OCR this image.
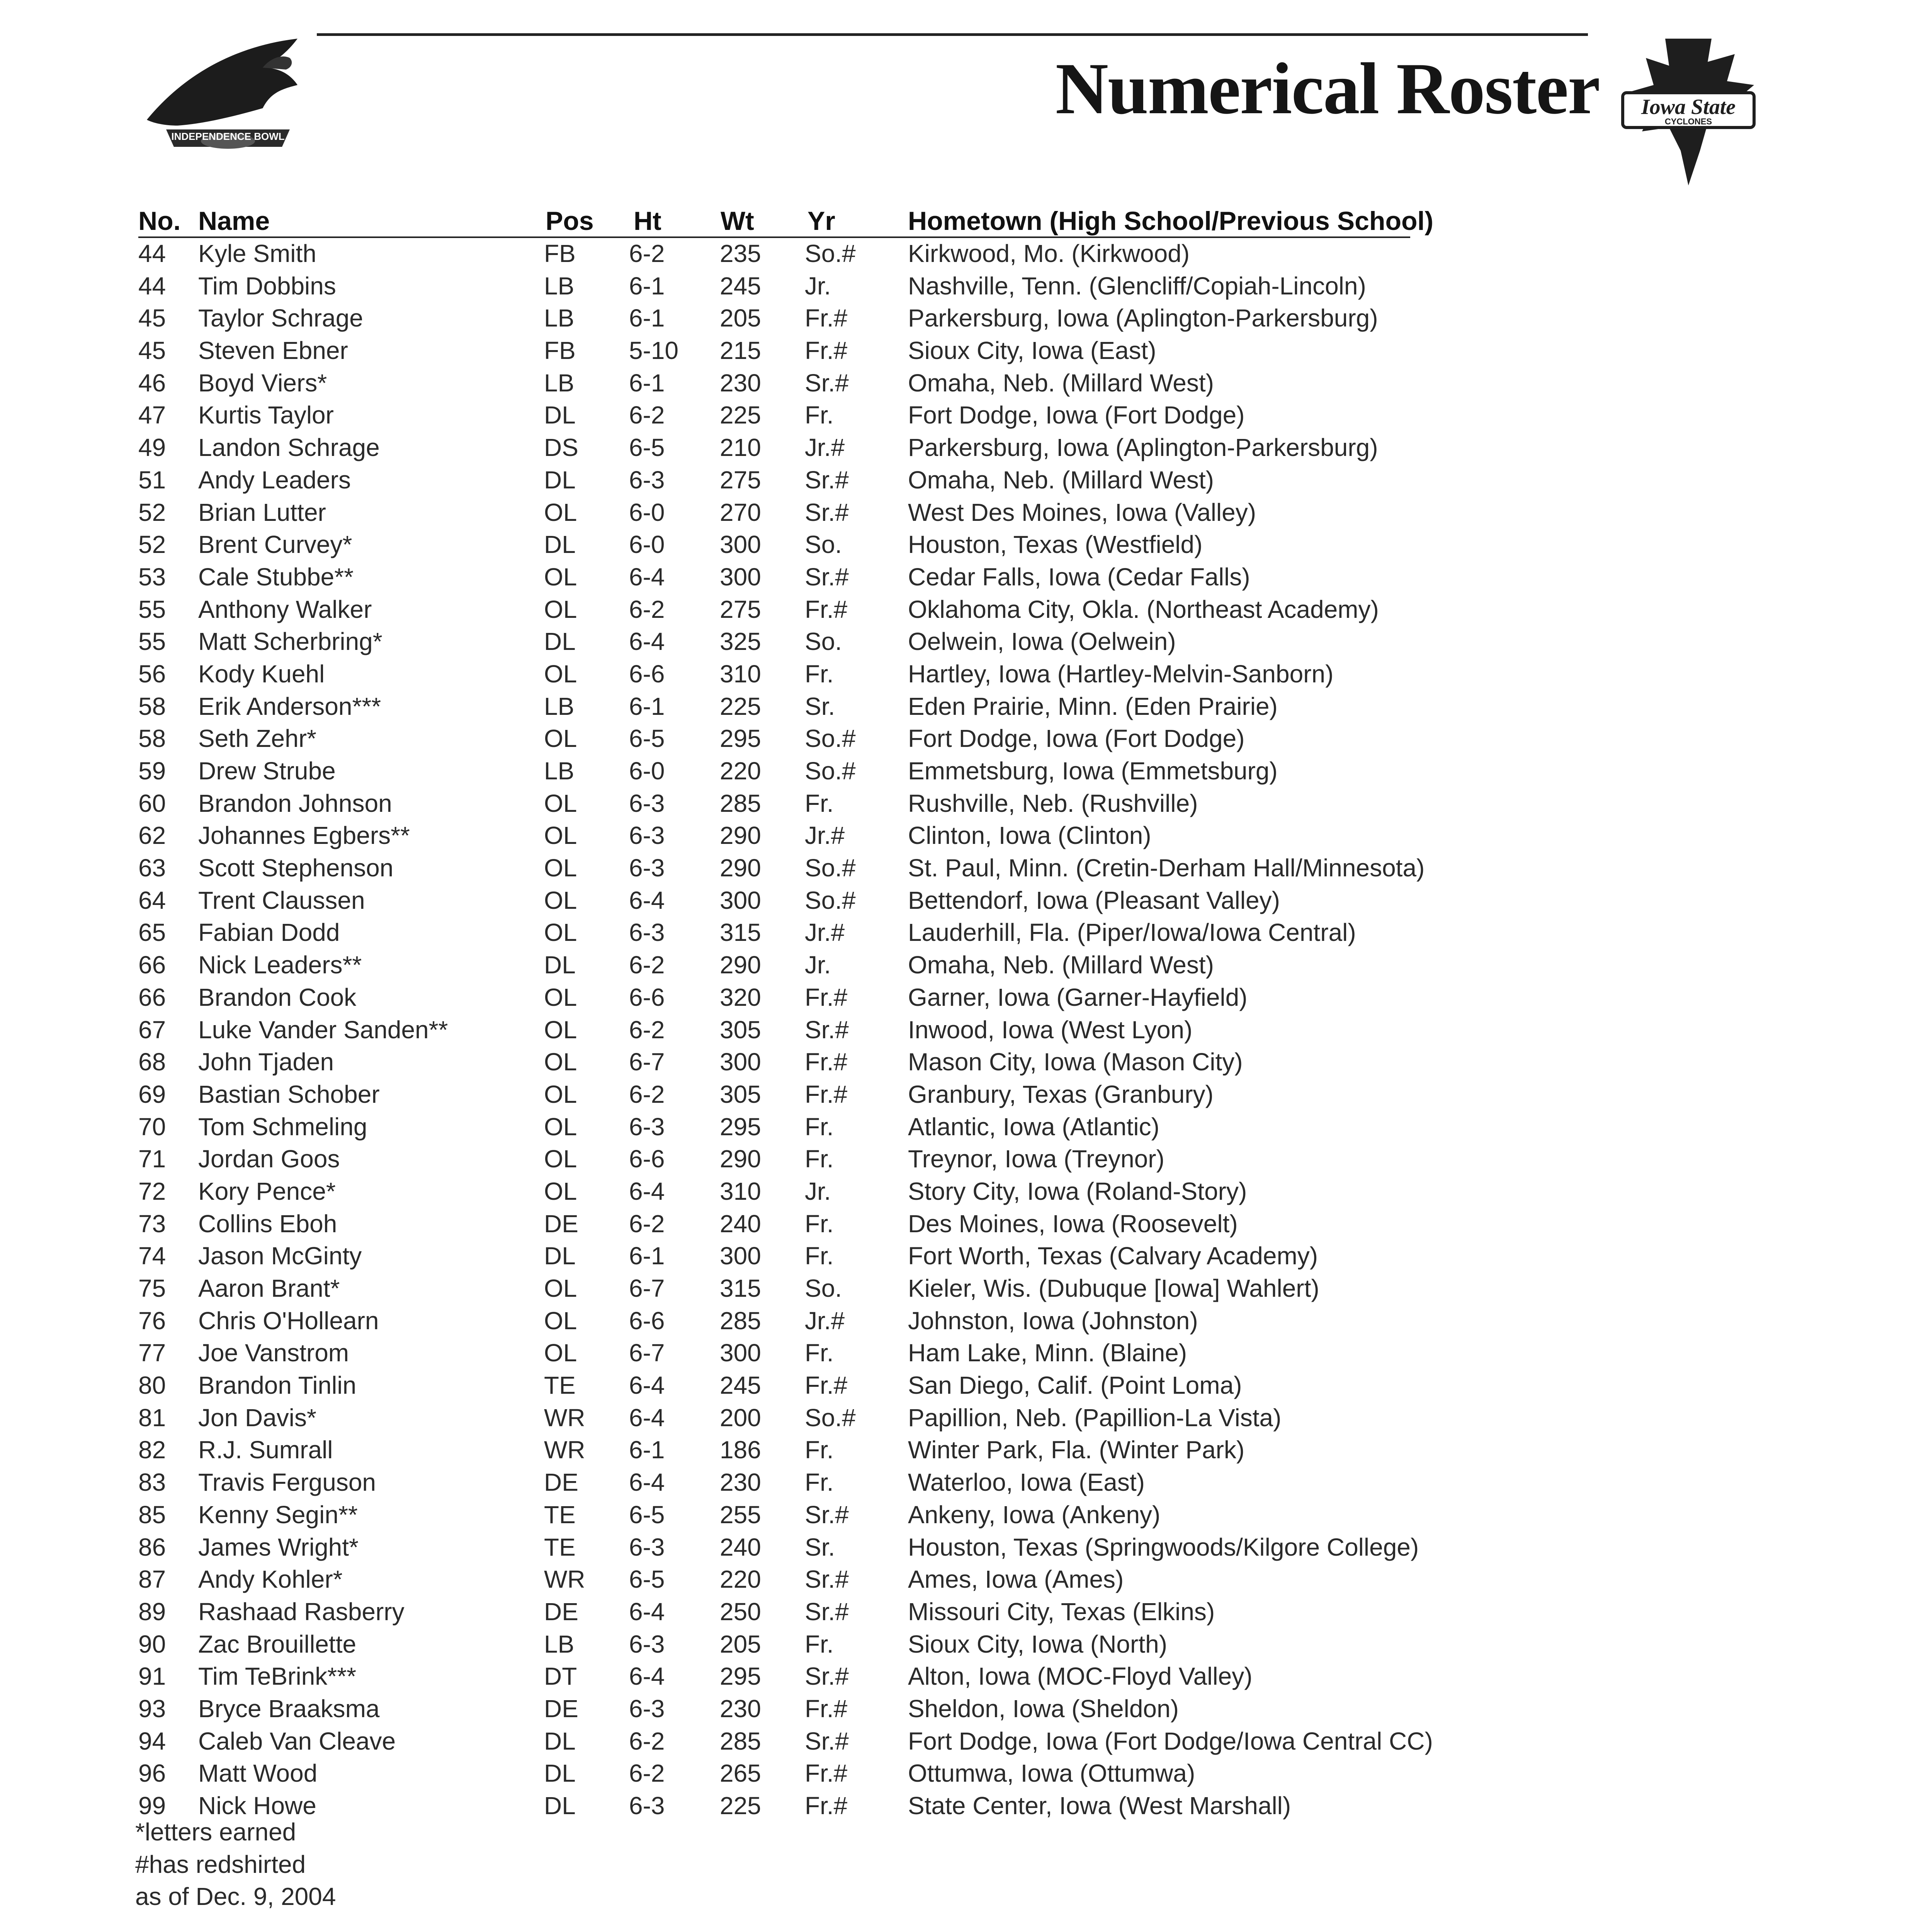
INDEPENDENCE BOWL
Numerical Roster Iowa State
CYCLONES
No. Name	Pos Ht Wt Yr	Hometown (High School/Previous School)
44 Kyle Smith	FB 6-2 235 So.# Kirkwood, Mo. (Kirkwood)
44 Tim Dobbins	LB 6-1 245 Jr.	Nashville, Tenn. (Glencliff/Copiah-Lincoln)
45 Taylor Schrage	LB 6-1 205 Fr.# Parkersburg, Iowa (Aplington-Parkersburg)
45 Steven Ebner	FB 5-10 215 Fr.# Sioux City, Iowa (East)
46 Boyd Viers*	LB 6-1 230 Sr.# Omaha, Neb. (Millard West)
47 Kurtis Taylor	DL 6-2 225 Fr.	Fort Dodge, Iowa (Fort Dodge)
49 Landon Schrage	DS 6-5 210 Jr.#	Parkersburg, Iowa (Aplington-Parkersburg)
51 Andy Leaders	DL 6-3 275 Sr.# Omaha, Neb. (Millard West)
52 Brian Lutter	OL 6-0 270 Sr.# West Des Moines, Iowa (Valley)
52 Brent Curvey*	DL 6-0 300 So.	Houston, Texas (Westfield)
53 Cale Stubbe**	OL 6-4 300 Sr.# Cedar Falls, Iowa (Cedar Falls)
55 Anthony Walker	OL 6-2 275 Fr.# Oklahoma City, Okla. (Northeast Academy)
55 Matt Scherbring*	DL 6-4 325 So.	Oelwein, Iowa (Oelwein)
56 Kody Kuehl	OL 6-6 310 Fr.	Hartley, Iowa (Hartley-Melvin-Sanborn)
58 Erik Anderson***	LB 6-1 225 Sr.	Eden Prairie, Minn. (Eden Prairie)
58 Seth Zehr*	OL 6-5 295 So.# Fort Dodge, Iowa (Fort Dodge)
59 Drew Strube	LB 6-0 220 So.# Emmetsburg, Iowa (Emmetsburg)
60 Brandon Johnson	OL 6-3 285 Fr.	Rushville, Neb. (Rushville)
62 Johannes Egbers**	OL 6-3 290 Jr.#	Clinton, Iowa (Clinton)
63 Scott Stephenson	OL 6-3 290 So.# St. Paul, Minn. (Cretin-Derham Hall/Minnesota)
64 Trent Claussen	OL 6-4 300 So.# Bettendorf, Iowa (Pleasant Valley)
65 Fabian Dodd	OL 6-3 315 Jr.#	Lauderhill, Fla. (Piper/Iowa/Iowa Central)
66 Nick Leaders**	DL 6-2 290 Jr.	Omaha, Neb. (Millard West)
66 Brandon Cook	OL 6-6 320 Fr.# Garner, Iowa (Garner-Hayfield)
67 Luke Vander Sanden**	OL 6-2 305 Sr.# Inwood, Iowa (West Lyon)
68 John Tjaden	OL 6-7 300 Fr.# Mason City, Iowa (Mason City)
69 Bastian Schober	OL 6-2 305 Fr.# Granbury, Texas (Granbury)
70 Tom Schmeling	OL 6-3 295 Fr.	Atlantic, Iowa (Atlantic)
71 Jordan Goos	OL 6-6 290 Fr.	Treynor, Iowa (Treynor)
72 Kory Pence*	OL 6-4 310 Jr.	Story City, Iowa (Roland-Story)
73 Collins Eboh	DE 6-2 240 Fr.	Des Moines, Iowa (Roosevelt)
74 Jason McGinty	DL 6-1 300 Fr.	Fort Worth, Texas (Calvary Academy)
75 Aaron Brant*	OL 6-7 315 So.	Kieler, Wis. (Dubuque [Iowa] Wahlert)
76 Chris O'Hollearn	OL 6-6 285 Jr.#	Johnston, Iowa (Johnston)
77 Joe Vanstrom	OL 6-7 300 Fr.	Ham Lake, Minn. (Blaine)
80 Brandon Tinlin	TE 6-4 245 Fr.# San Diego, Calif. (Point Loma)
81 Jon Davis*	WR 6-4 200 So.# Papillion, Neb. (Papillion-La Vista)
82 R.J. Sumrall	WR 6-1 186 Fr.	Winter Park, Fla. (Winter Park)
83 Travis Ferguson	DE 6-4 230 Fr.	Waterloo, Iowa (East)
85 Kenny Segin**	TE 6-5 255 Sr.# Ankeny, Iowa (Ankeny)
86 James Wright*	TE 6-3 240 Sr.	Houston, Texas (Springwoods/Kilgore College)
87 Andy Kohler*	WR 6-5 220 Sr.# Ames, Iowa (Ames)
89 Rashaad Rasberry	DE 6-4 250 Sr.# Missouri City, Texas (Elkins)
90 Zac Brouillette	LB 6-3 205 Fr.	Sioux City, Iowa (North)
91 Tim TeBrink***	DT 6-4 295 Sr.# Alton, Iowa (MOC-Floyd Valley)
93 Bryce Braaksma	DE 6-3 230 Fr.# Sheldon, Iowa (Sheldon)
94 Caleb Van Cleave	DL 6-2 285 Sr.# Fort Dodge, Iowa (Fort Dodge/Iowa Central CC)
96 Matt Wood	DL 6-2 265 Fr.# Ottumwa, Iowa (Ottumwa)
99 Nick Howe	DL 6-3 225 Fr.# State Center, Iowa (West Marshall)
*letters earned
#has redshirted
as of Dec. 9, 2004
